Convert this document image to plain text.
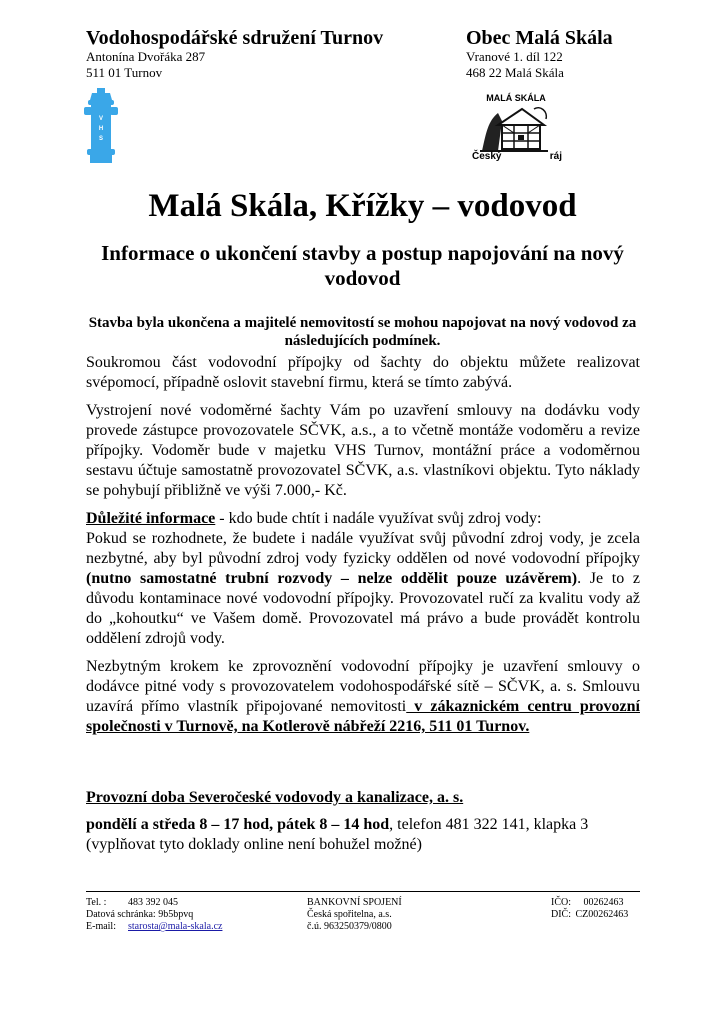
Vodohospodářské sdružení Turnov
Antonína Dvořáka 287
511 01 Turnov
Obec Malá Skála
Vranové 1. díl 122
468 22 Malá Skála
V
H
S
MALÁ SKÁLA
Český	ráj
Malá Skála, Křížky – vodovod
Informace o ukončení stavby a postup napojování na nový vodovod
Stavba byla ukončena a majitelé nemovitostí se mohou napojovat na nový vodovod za následujících podmínek.

Soukromou část vodovodní přípojky od šachty do objektu můžete realizovat svépomocí, případně oslovit stavební firmu, která se tímto zabývá.

Vystrojení nové vodoměrné šachty Vám po uzavření smlouvy na dodávku vody provede zástupce provozovatele SČVK, a.s., a to včetně montáže vodoměru a revize přípojky. Vodoměr bude v majetku VHS Turnov, montážní práce a vodoměrnou sestavu účtuje samostatně provozovatel SČVK, a.s. vlastníkovi objektu. Tyto náklady se pohybují přibližně ve výši 7.000,- Kč.

Důležité informace - kdo bude chtít i nadále využívat svůj zdroj vody:

Pokud se rozhodnete, že budete i nadále využívat svůj původní zdroj vody, je zcela nezbytné, aby byl původní zdroj vody fyzicky oddělen od nové vodovodní přípojky (nutno samostatné trubní rozvody – nelze oddělit pouze uzávěrem). Je to z důvodu kontaminace nové vodovodní přípojky. Provozovatel ručí za kvalitu vody až do „kohoutku“ ve Vašem domě. Provozovatel má právo a bude provádět kontrolu oddělení zdrojů vody.

Nezbytným krokem ke zprovoznění vodovodní přípojky je uzavření smlouvy o dodávce pitné vody s provozovatelem vodohospodářské sítě – SČVK, a. s. Smlouvu uzavírá přímo vlastník připojované nemovitosti v zákaznickém centru provozní společnosti v Turnově, na Kotlerově nábřeží 2216, 511 01 Turnov.

Provozní doba Severočeské vodovody a kanalizace, a. s.
pondělí a středa 8 – 17 hod, pátek 8 – 14 hod, telefon 481 322 141, klapka 3
(vyplňovat tyto doklady online není bohužel možné)
Tel. : 483 392 045
Datová schránka: 9b5bpvq
E-mail: starosta@mala-skala.cz
BANKOVNÍ SPOJENÍ
Česká spořitelna, a.s.
č.ú. 963250379/0800
IČO: 00262463
DIČ: CZ00262463
